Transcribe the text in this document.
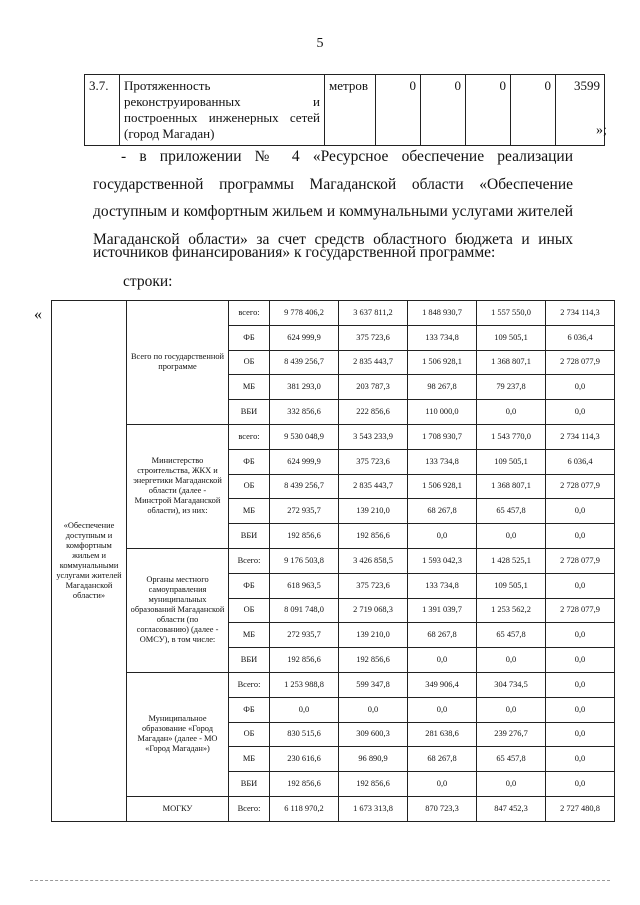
5
3.7.	Протяженность реконструированных и построенных инженерных сетей (город Магадан)	метров	0	0	0	0	3599
»;
- в приложении № 4 «Ресурсное обеспечение реализации
государственной программы Магаданской области «Обеспечение
доступным и комфортным жильем и коммунальными услугами жителей
Магаданской области» за счет средств областного бюджета и иных
источников финансирования» к государственной программе:
строки:
«
«Обеспечение доступным и комфортным жильем и коммунальными услугами жителей Магаданской области»	Всего по государственной программе	всего:	9 778 406,2	3 637 811,2	1 848 930,7	1 557 550,0	2 734 114,3
		ФБ	624 999,9	375 723,6	133 734,8	109 505,1	6 036,4
		ОБ	8 439 256,7	2 835 443,7	1 506 928,1	1 368 807,1	2 728 077,9
		МБ	381 293,0	203 787,3	98 267,8	79 237,8	0,0
		ВБИ	332 856,6	222 856,6	110 000,0	0,0	0,0
	Министерство строительства, ЖКХ и энергетики Магаданской области (далее - Минстрой Магаданской области), из них:	всего:	9 530 048,9	3 543 233,9	1 708 930,7	1 543 770,0	2 734 114,3
		ФБ	624 999,9	375 723,6	133 734,8	109 505,1	6 036,4
		ОБ	8 439 256,7	2 835 443,7	1 506 928,1	1 368 807,1	2 728 077,9
		МБ	272 935,7	139 210,0	68 267,8	65 457,8	0,0
		ВБИ	192 856,6	192 856,6	0,0	0,0	0,0
	Органы местного самоуправления муниципальных образований Магаданской области (по согласованию) (далее - ОМСУ), в том числе:	Всего:	9 176 503,8	3 426 858,5	1 593 042,3	1 428 525,1	2 728 077,9
		ФБ	618 963,5	375 723,6	133 734,8	109 505,1	0,0
		ОБ	8 091 748,0	2 719 068,3	1 391 039,7	1 253 562,2	2 728 077,9
		МБ	272 935,7	139 210,0	68 267,8	65 457,8	0,0
		ВБИ	192 856,6	192 856,6	0,0	0,0	0,0
	Муниципальное образование «Город Магадан» (далее - МО «Город Магадан»)	Всего:	1 253 988,8	599 347,8	349 906,4	304 734,5	0,0
		ФБ	0,0	0,0	0,0	0,0	0,0
		ОБ	830 515,6	309 600,3	281 638,6	239 276,7	0,0
		МБ	230 616,6	96 890,9	68 267,8	65 457,8	0,0
		ВБИ	192 856,6	192 856,6	0,0	0,0	0,0
	МОГКУ	Всего:	6 118 970,2	1 673 313,8	870 723,3	847 452,3	2 727 480,8
